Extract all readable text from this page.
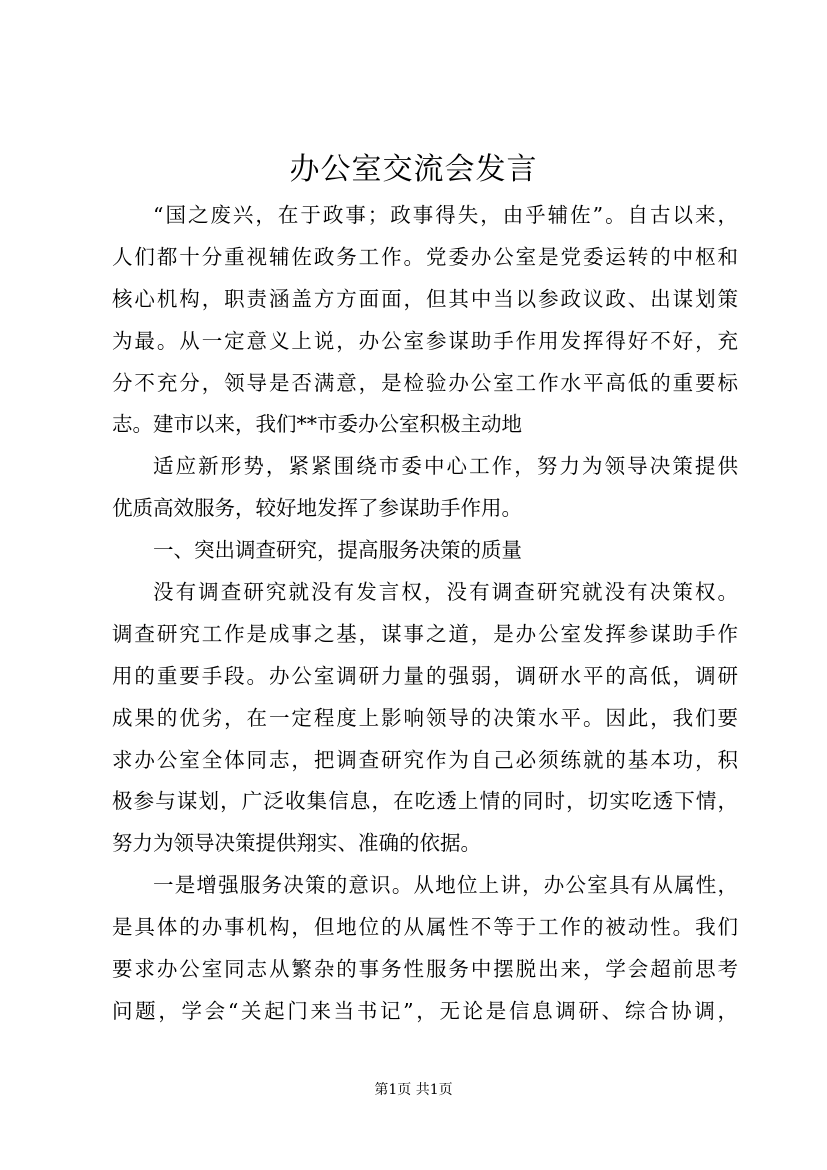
办公室交流会发言
“国之废兴，在于政事；政事得失，由乎辅佐”。自古以来，
人们都十分重视辅佐政务工作。党委办公室是党委运转的中枢和
核心机构，职责涵盖方方面面，但其中当以参政议政、出谋划策
为最。从一定意义上说，办公室参谋助手作用发挥得好不好，充
分不充分，领导是否满意，是检验办公室工作水平高低的重要标
志。建市以来，我们**市委办公室积极主动地
适应新形势，紧紧围绕市委中心工作，努力为领导决策提供
优质高效服务，较好地发挥了参谋助手作用。
一、突出调查研究，提高服务决策的质量
没有调查研究就没有发言权，没有调查研究就没有决策权。
调查研究工作是成事之基，谋事之道，是办公室发挥参谋助手作
用的重要手段。办公室调研力量的强弱，调研水平的高低，调研
成果的优劣，在一定程度上影响领导的决策水平。因此，我们要
求办公室全体同志，把调查研究作为自己必须练就的基本功，积
极参与谋划，广泛收集信息，在吃透上情的同时，切实吃透下情，
努力为领导决策提供翔实、准确的依据。
一是增强服务决策的意识。从地位上讲，办公室具有从属性，
是具体的办事机构，但地位的从属性不等于工作的被动性。我们
要求办公室同志从繁杂的事务性服务中摆脱出来，学会超前思考
问题，学会“关起门来当书记”，无论是信息调研、综合协调，
第1页 共1页
